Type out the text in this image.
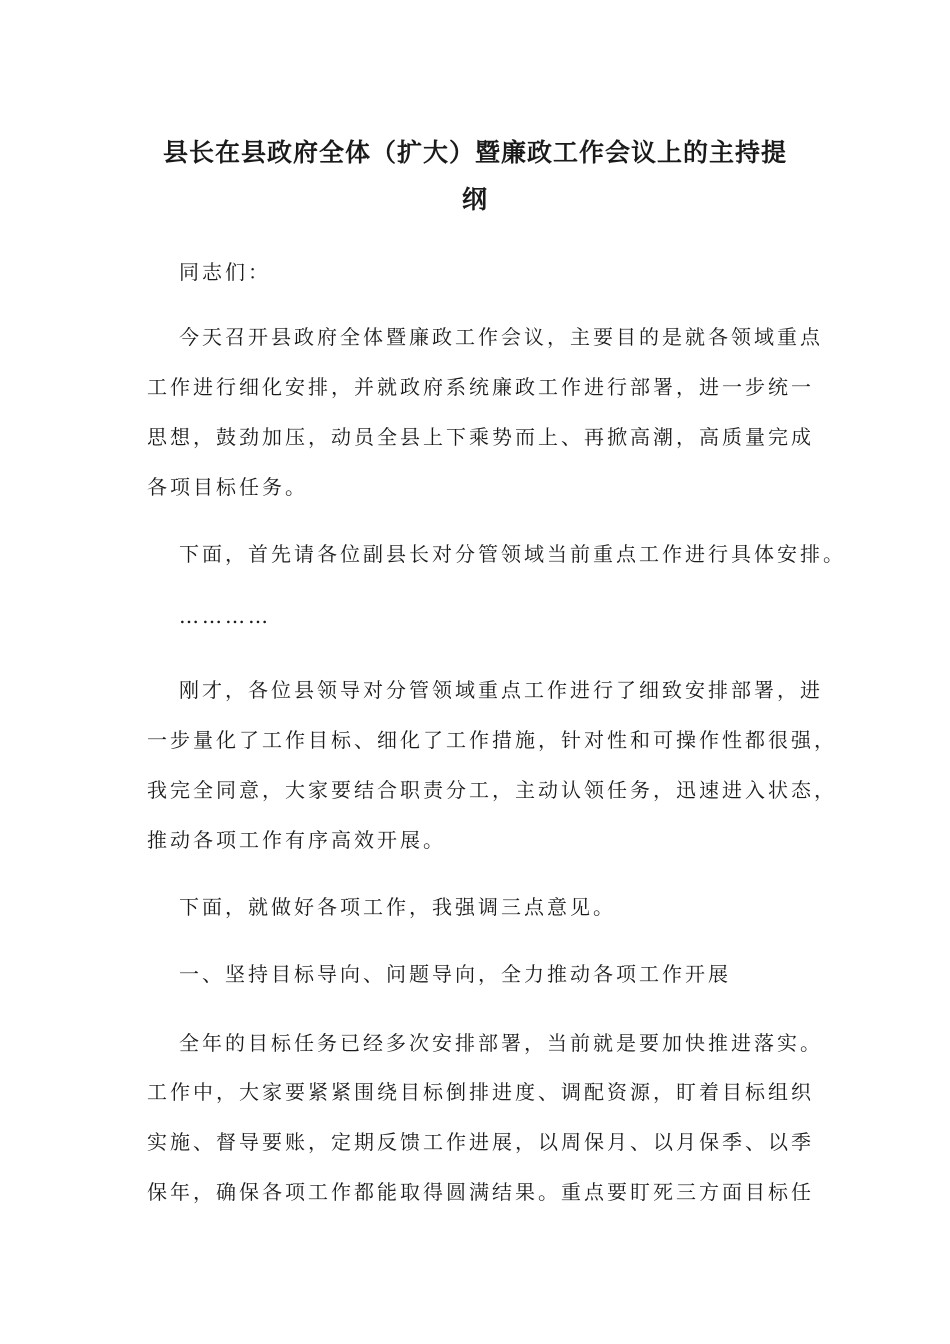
县长在县政府全体（扩大）暨廉政工作会议上的主持提
纲
同志们：
今天召开县政府全体暨廉政工作会议，主要目的是就各领域重点
工作进行细化安排，并就政府系统廉政工作进行部署，进一步统一
思想，鼓劲加压，动员全县上下乘势而上、再掀高潮，高质量完成
各项目标任务。
下面，首先请各位副县长对分管领域当前重点工作进行具体安排。
…………
刚才，各位县领导对分管领域重点工作进行了细致安排部署，进
一步量化了工作目标、细化了工作措施，针对性和可操作性都很强，
我完全同意，大家要结合职责分工，主动认领任务，迅速进入状态，
推动各项工作有序高效开展。
下面，就做好各项工作，我强调三点意见。
一、坚持目标导向、问题导向，全力推动各项工作开展
全年的目标任务已经多次安排部署，当前就是要加快推进落实。
工作中，大家要紧紧围绕目标倒排进度、调配资源，盯着目标组织
实施、督导要账，定期反馈工作进展，以周保月、以月保季、以季
保年，确保各项工作都能取得圆满结果。重点要盯死三方面目标任
